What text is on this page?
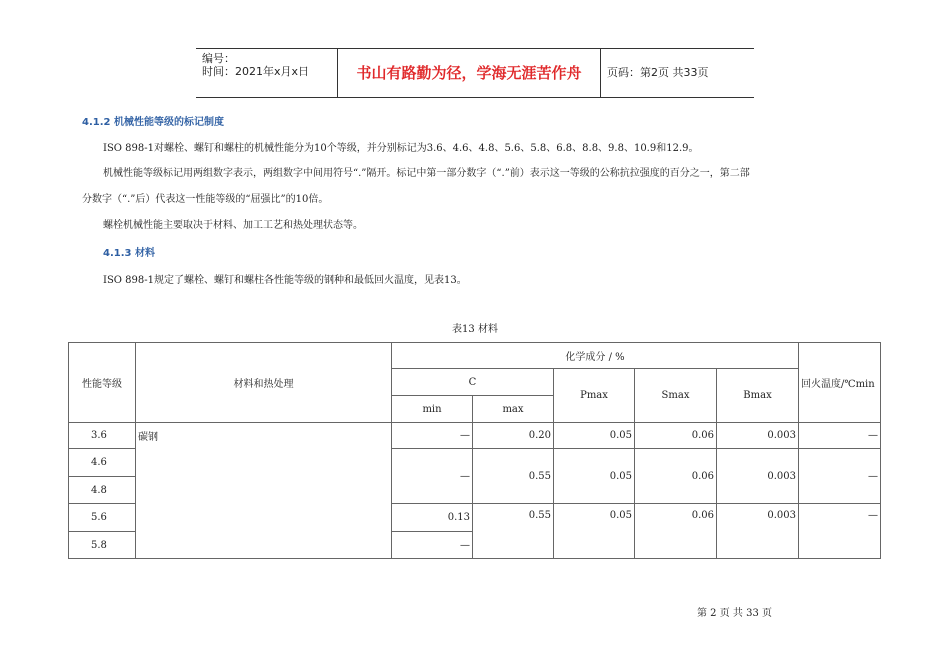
编号：
时间：2021年x月x日	书山有路勤为径，学海无涯苦作舟	页码：第2页 共33页
4.1.2 机械性能等级的标记制度
ISO 898-1对螺栓、螺钉和螺柱的机械性能分为10个等级，并分别标记为3.6、4.6、4.8、5.6、5.8、6.8、8.8、9.8、10.9和12.9。
机械性能等级标记用两组数字表示，两组数字中间用符号“.”隔开。标记中第一部分数字（“.”前）表示这一等级的公称抗拉强度的百分之一，第二部
分数字（“.”后）代表这一性能等级的“屈强比”的10倍。
螺栓机械性能主要取决于材料、加工工艺和热处理状态等。
4.1.3 材料
ISO 898-1规定了螺栓、螺钉和螺柱各性能等级的钢种和最低回火温度，见表13。
表13 材料
性能等级	材料和热处理	化学成分 / %					回火温度/℃min
		C		Pmax	Smax	Bmax	
		min	max				
3.6	碳钢	—	0.20	0.05	0.06	0.003	—
4.6		—	0.55	0.05	0.06	0.003	—
4.8							
5.6		0.13	0.55	0.05	0.06	0.003	—
5.8		—					
第 2 页 共 33 页
